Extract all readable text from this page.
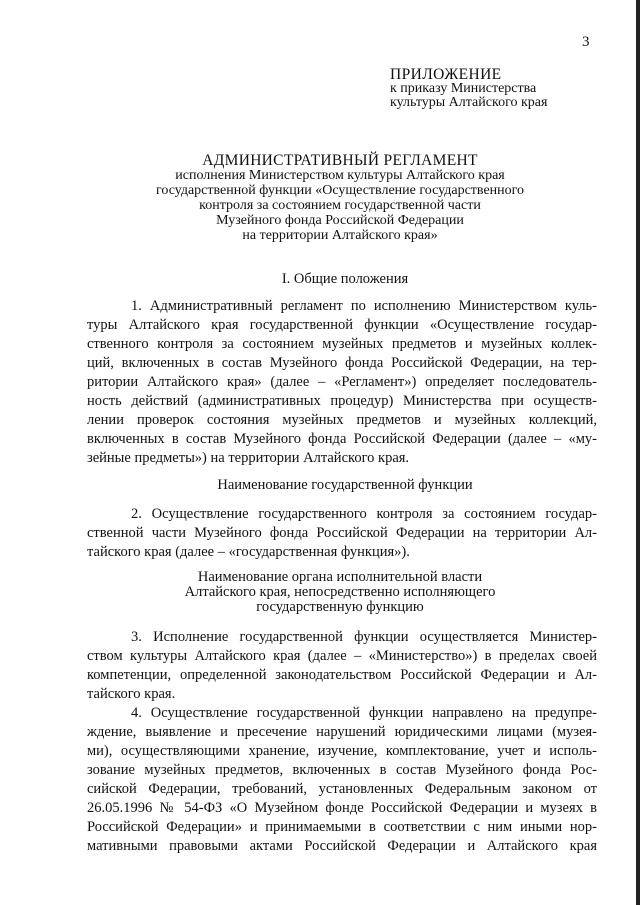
3
ПРИЛОЖЕНИЕ
к приказу Министерства
культуры Алтайского края
АДМИНИСТРАТИВНЫЙ РЕГЛАМЕНТ
исполнения Министерством культуры Алтайского края
государственной функции «Осуществление государственного
контроля за состоянием государственной части
Музейного фонда Российской Федерации
на территории Алтайского края»
I. Общие положения
1. Административный регламент по исполнению Министерством куль-
туры Алтайского края государственной функции «Осуществление государ-
ственного контроля за состоянием музейных предметов и музейных коллек-
ций, включенных в состав Музейного фонда Российской Федерации, на тер-
ритории Алтайского края» (далее – «Регламент») определяет последователь-
ность действий (административных процедур) Министерства при осуществ-
лении проверок состояния музейных предметов и музейных коллекций,
включенных в состав Музейного фонда Российской Федерации (далее – «му-
зейные предметы») на территории Алтайского края.
Наименование государственной функции
2. Осуществление государственного контроля за состоянием государ-
ственной части Музейного фонда Российской Федерации на территории Ал-
тайского края (далее – «государственная функция»).
Наименование органа исполнительной власти
Алтайского края, непосредственно исполняющего
государственную функцию
3. Исполнение государственной функции осуществляется Министер-
ством культуры Алтайского края (далее – «Министерство») в пределах своей
компетенции, определенной законодательством Российской Федерации и Ал-
тайского края.
4. Осуществление государственной функции направлено на предупре-
ждение, выявление и пресечение нарушений юридическими лицами (музея-
ми), осуществляющими хранение, изучение, комплектование, учет и исполь-
зование музейных предметов, включенных в состав Музейного фонда Рос-
сийской Федерации, требований, установленных Федеральным законом от
26.05.1996 № 54-ФЗ «О Музейном фонде Российской Федерации и музеях в
Российской Федерации» и принимаемыми в соответствии с ним иными нор-
мативными правовыми актами Российской Федерации и Алтайского края
